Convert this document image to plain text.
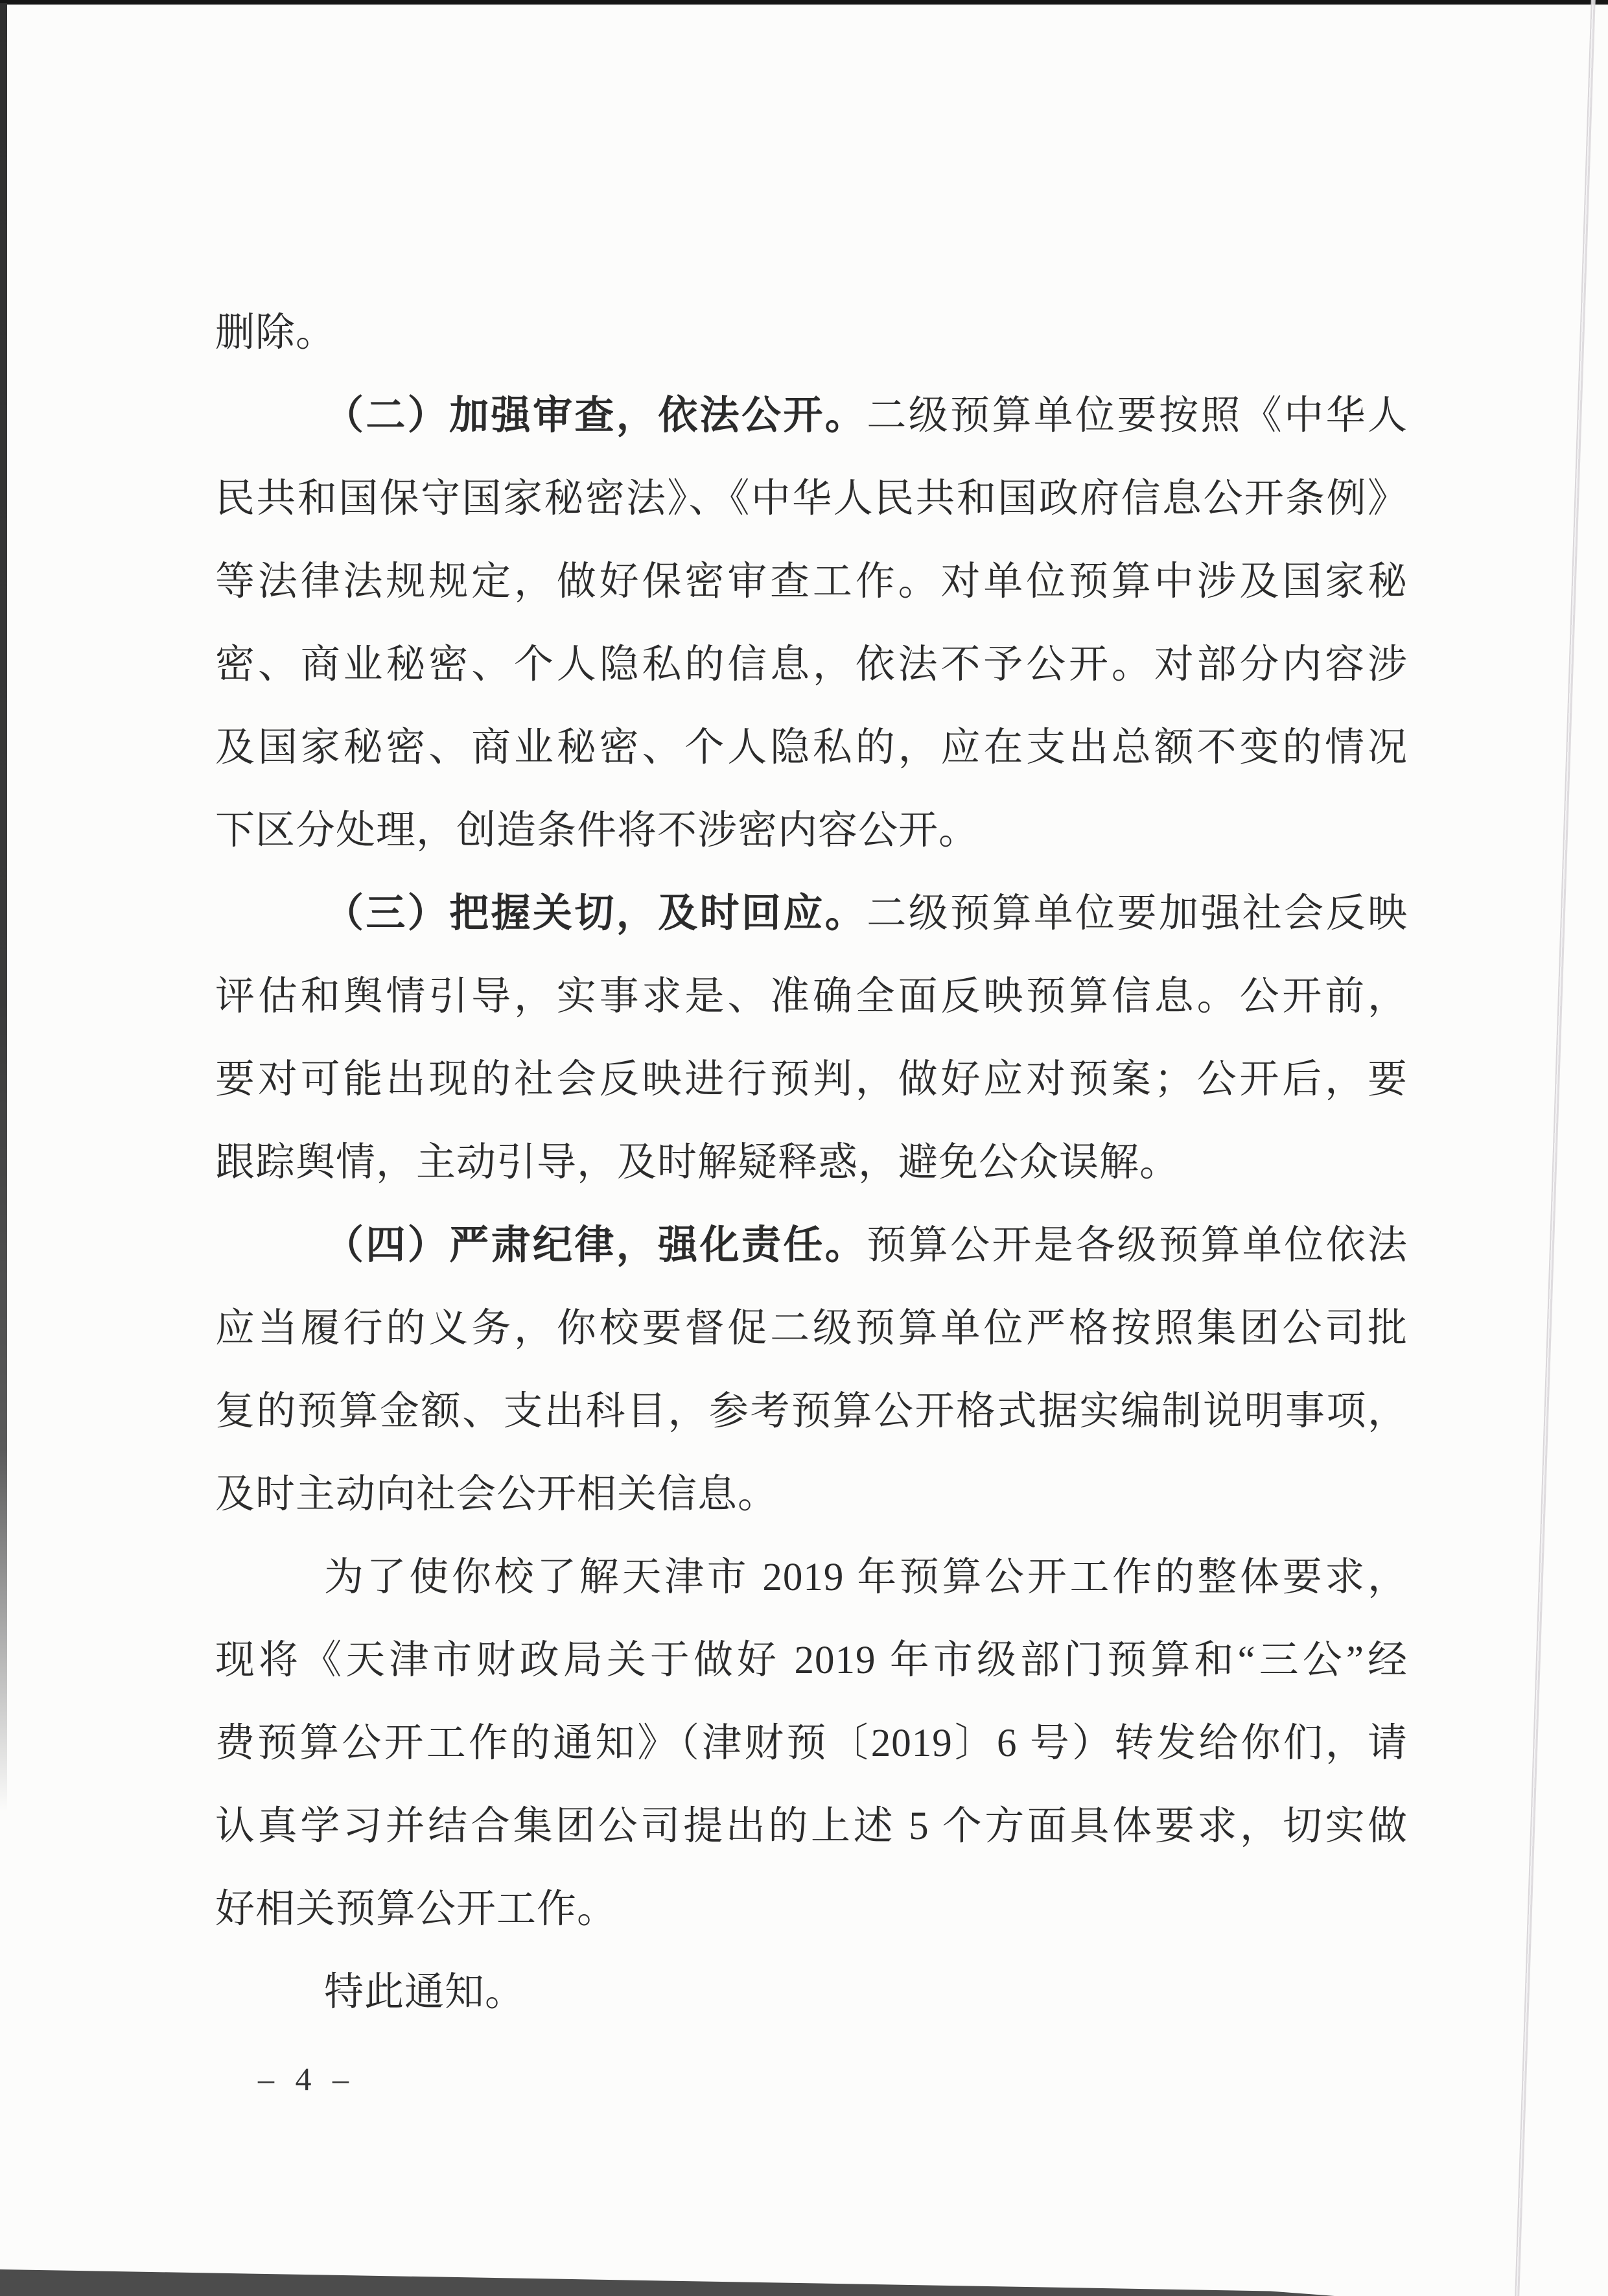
删除。
（二）加强审查，依法公开。二级预算单位要按照《中华人
民共和国保守国家秘密法》、《中华人民共和国政府信息公开条例》
等法律法规规定，做好保密审查工作。对单位预算中涉及国家秘
密、商业秘密、个人隐私的信息，依法不予公开。对部分内容涉
及国家秘密、商业秘密、个人隐私的，应在支出总额不变的情况
下区分处理，创造条件将不涉密内容公开。
（三）把握关切，及时回应。二级预算单位要加强社会反映
评估和舆情引导，实事求是、准确全面反映预算信息。公开前，
要对可能出现的社会反映进行预判，做好应对预案；公开后，要
跟踪舆情，主动引导，及时解疑释惑，避免公众误解。
（四）严肃纪律，强化责任。预算公开是各级预算单位依法
应当履行的义务，你校要督促二级预算单位严格按照集团公司批
复的预算金额、支出科目，参考预算公开格式据实编制说明事项，
及时主动向社会公开相关信息。
为了使你校了解天津市 2019 年预算公开工作的整体要求，
现将《天津市财政局关于做好 2019 年市级部门预算和“三公”经
费预算公开工作的通知》（津财预〔2019〕6 号）转发给你们，请
认真学习并结合集团公司提出的上述 5 个方面具体要求，切实做
好相关预算公开工作。
特此通知。
– 4 –
